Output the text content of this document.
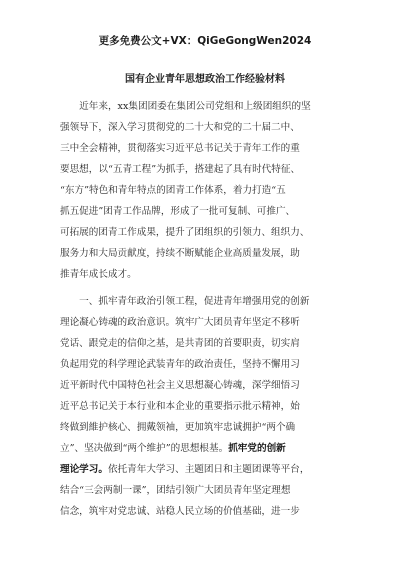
更多免费公文+VX：QiGeGongWen2024
国有企业青年思想政治工作经验材料
　　近年来，xx集团团委在集团公司党组和上级团组织的坚
强领导下，深入学习贯彻党的二十大和党的二十届二中、
三中全会精神，贯彻落实习近平总书记关于青年工作的重
要思想，以“五青工程”为抓手，搭建起了具有时代特征、
“东方”特色和青年特点的团青工作体系，着力打造“五
抓五促进”团青工作品牌，形成了一批可复制、可推广、
可拓展的团青工作成果，提升了团组织的引领力、组织力、
服务力和大局贡献度，持续不断赋能企业高质量发展，助
推青年成长成才。
　　一、抓牢青年政治引领工程，促进青年增强用党的创新
理论凝心铸魂的政治意识。筑牢广大团员青年坚定不移听
党话、跟党走的信仰之基，是共青团的首要职责，切实肩
负起用党的科学理论武装青年的政治责任，坚持不懈用习
近平新时代中国特色社会主义思想凝心铸魂，深学细悟习
近平总书记关于本行业和本企业的重要指示批示精神，始
终做到維护核心、拥戴领袖，更加筑牢忠诚拥护“两个确
立”、坚决做到“两个维护”的思想根基。抓牢党的创新
理论学习。依托青年大学习、主题团日和主题团课等平台，
结合“三会两制一课”，团结引领广大团员青年坚定理想
信念，筑牢对党忠诚、站稳人民立场的价值基础，进一步
